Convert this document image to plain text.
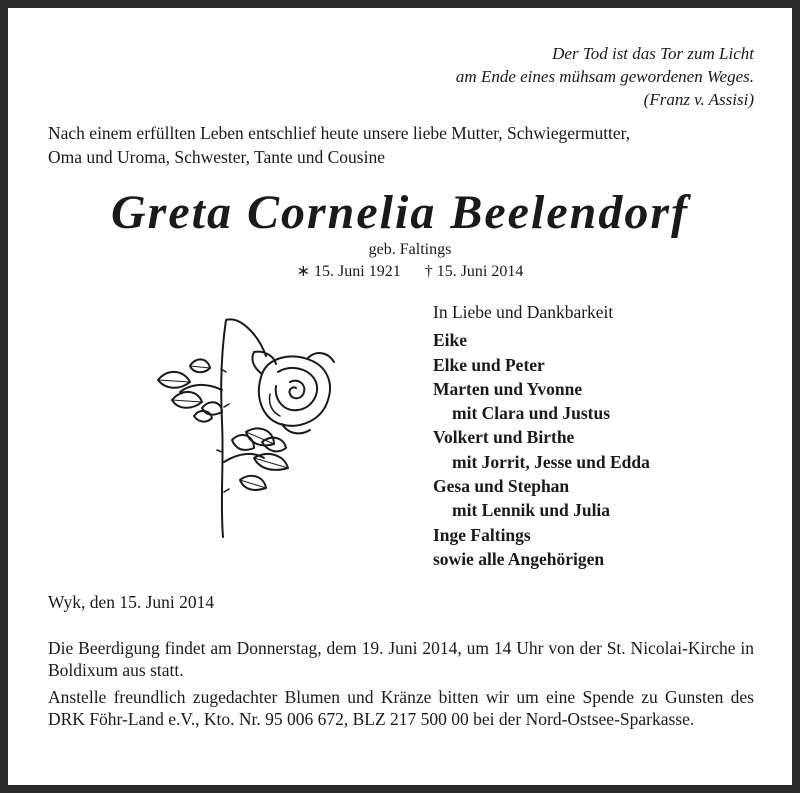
Der Tod ist das Tor zum Licht
am Ende eines mühsam gewordenen Weges.
(Franz v. Assisi)
Nach einem erfüllten Leben entschlief heute unsere liebe Mutter, Schwiegermutter,
Oma und Uroma, Schwester, Tante und Cousine
Greta Cornelia Beelendorf
geb. Faltings
∗ 15. Juni 1921 † 15. Juni 2014
In Liebe und Dankbarkeit
Eike
Elke und Peter
Marten und Yvonne
mit Clara und Justus
Volkert und Birthe
mit Jorrit, Jesse und Edda
Gesa und Stephan
mit Lennik und Julia
Inge Faltings
sowie alle Angehörigen
Wyk, den 15. Juni 2014
Die Beerdigung findet am Donnerstag, dem 19. Juni 2014, um 14 Uhr von der St. Nicolai-Kirche in Boldixum aus statt.
Anstelle freundlich zugedachter Blumen und Kränze bitten wir um eine Spende zu Gunsten des DRK Föhr-Land e.V., Kto. Nr. 95 006 672, BLZ 217 500 00 bei der Nord-Ostsee-Sparkasse.
